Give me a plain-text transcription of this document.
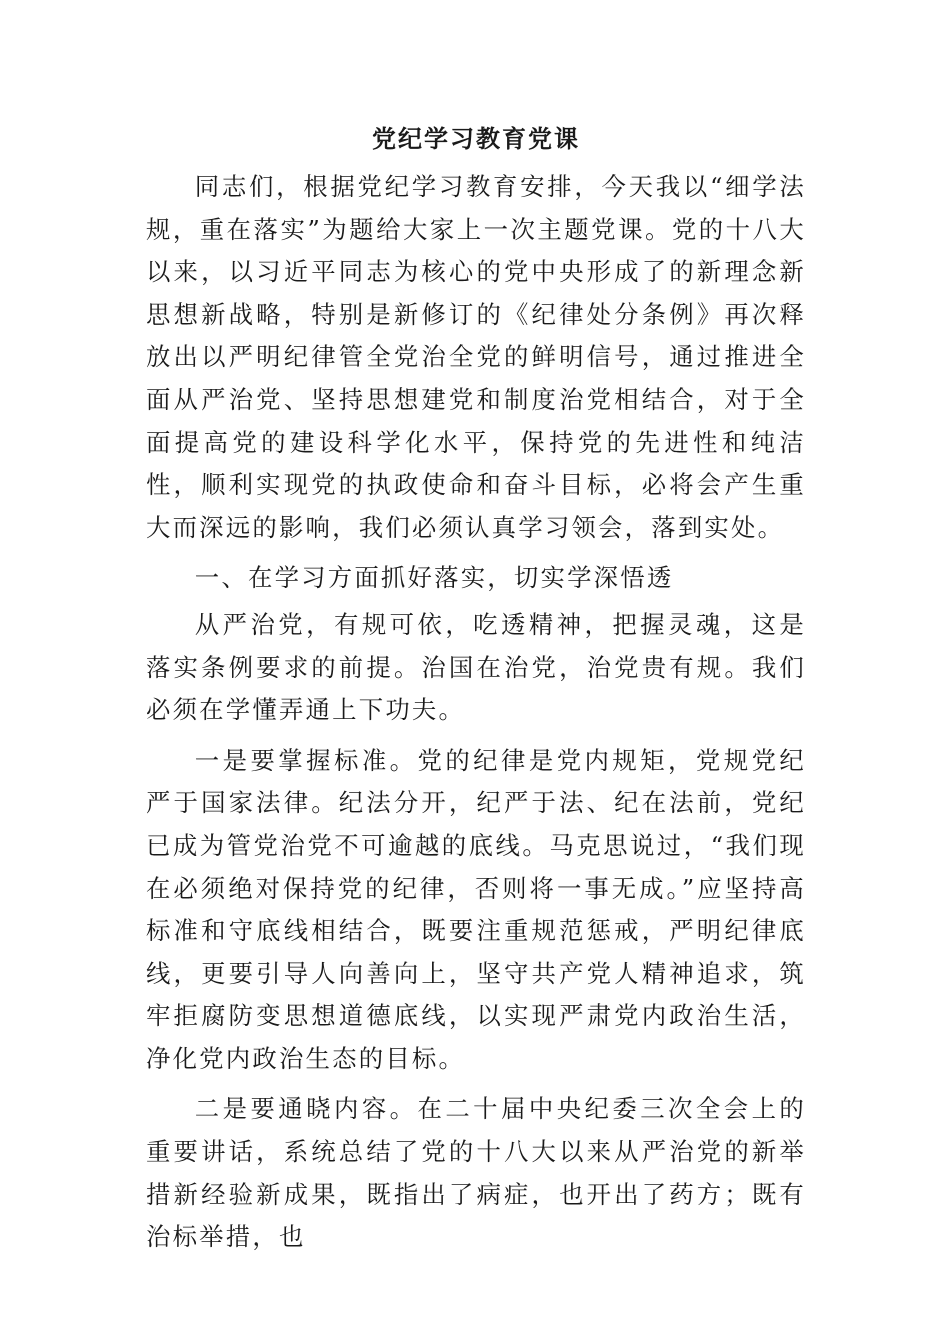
党纪学习教育党课

同志们，根据党纪学习教育安排，今天我以“细学法规，重在落实”为题给大家上一次主题党课。党的十八大以来，以习近平同志为核心的党中央形成了的新理念新思想新战略，特别是新修订的《纪律处分条例》再次释放出以严明纪律管全党治全党的鲜明信号，通过推进全面从严治党、坚持思想建党和制度治党相结合，对于全面提高党的建设科学化水平，保持党的先进性和纯洁性，顺利实现党的执政使命和奋斗目标，必将会产生重大而深远的影响，我们必须认真学习领会，落到实处。

一、在学习方面抓好落实，切实学深悟透

从严治党，有规可依，吃透精神，把握灵魂，这是落实条例要求的前提。治国在治党，治党贵有规。我们必须在学懂弄通上下功夫。

一是要掌握标准。党的纪律是党内规矩，党规党纪严于国家法律。纪法分开，纪严于法、纪在法前，党纪已成为管党治党不可逾越的底线。马克思说过，“我们现在必须绝对保持党的纪律，否则将一事无成。”应坚持高标准和守底线相结合，既要注重规范惩戒，严明纪律底线，更要引导人向善向上，坚守共产党人精神追求，筑牢拒腐防变思想道德底线，以实现严肃党内政治生活，净化党内政治生态的目标。

二是要通晓内容。在二十届中央纪委三次全会上的重要讲话，系统总结了党的十八大以来从严治党的新举措新经验新成果，既指出了病症，也开出了药方；既有治标举措，也
